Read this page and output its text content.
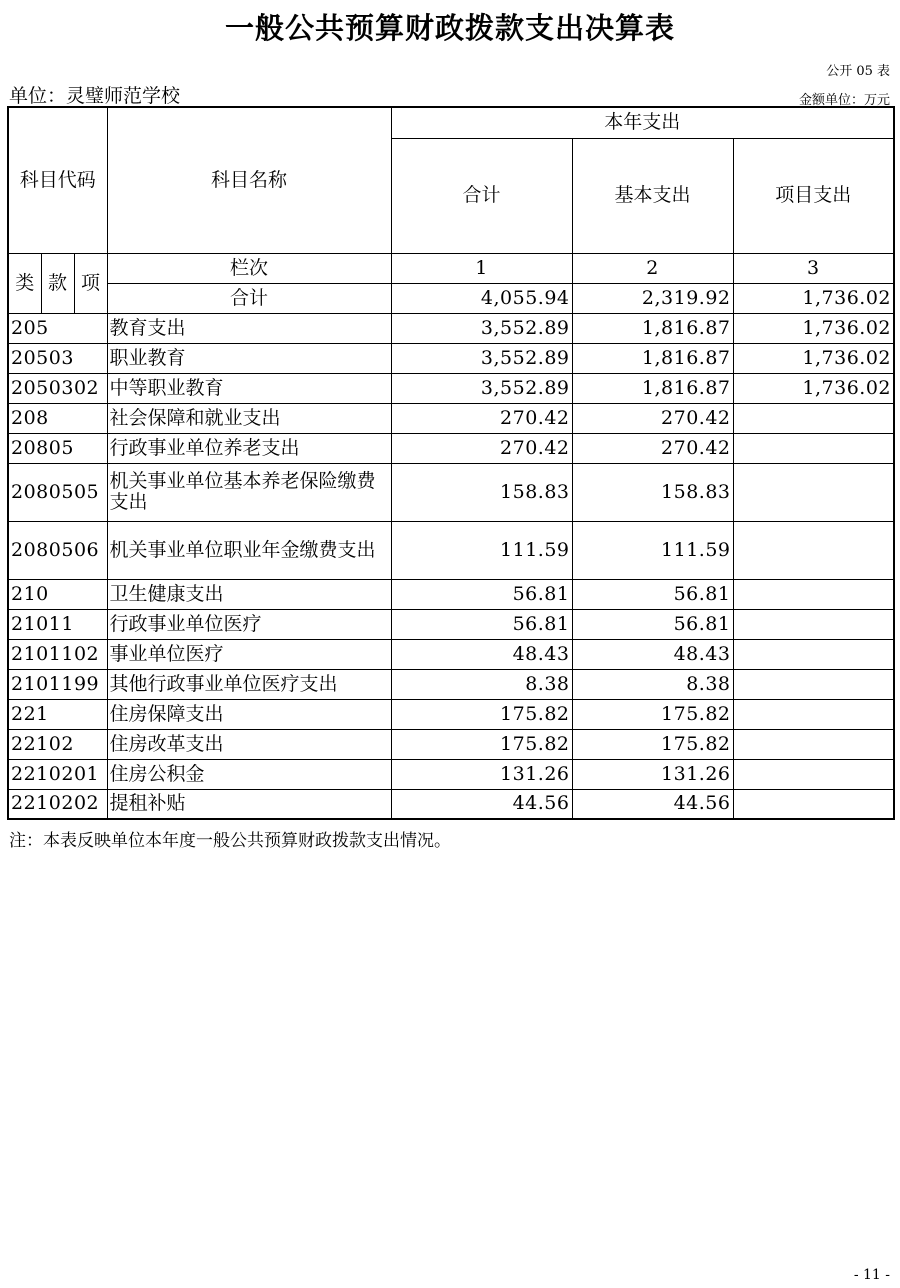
一般公共预算财政拨款支出决算表
公开 05 表
单位：灵璧师范学校	金额单位：万元
科目代码			科目名称	本年支出		
				合计	基本支出	项目支出
类	款	项	栏次	1	2	3
			合计	4,055.94	2,319.92	1,736.02
205			教育支出	3,552.89	1,816.87	1,736.02
20503			职业教育	3,552.89	1,816.87	1,736.02
2050302			中等职业教育	3,552.89	1,816.87	1,736.02
208			社会保障和就业支出	270.42	270.42	
20805			行政事业单位养老支出	270.42	270.42	
2080505			机关事业单位基本养老保险缴费支出	158.83	158.83	
2080506			机关事业单位职业年金缴费支出	111.59	111.59	
210			卫生健康支出	56.81	56.81	
21011			行政事业单位医疗	56.81	56.81	
2101102			事业单位医疗	48.43	48.43	
2101199			其他行政事业单位医疗支出	8.38	8.38	
221			住房保障支出	175.82	175.82	
22102			住房改革支出	175.82	175.82	
2210201			住房公积金	131.26	131.26	
2210202			提租补贴	44.56	44.56	
注：本表反映单位本年度一般公共预算财政拨款支出情况。
- 11 -
